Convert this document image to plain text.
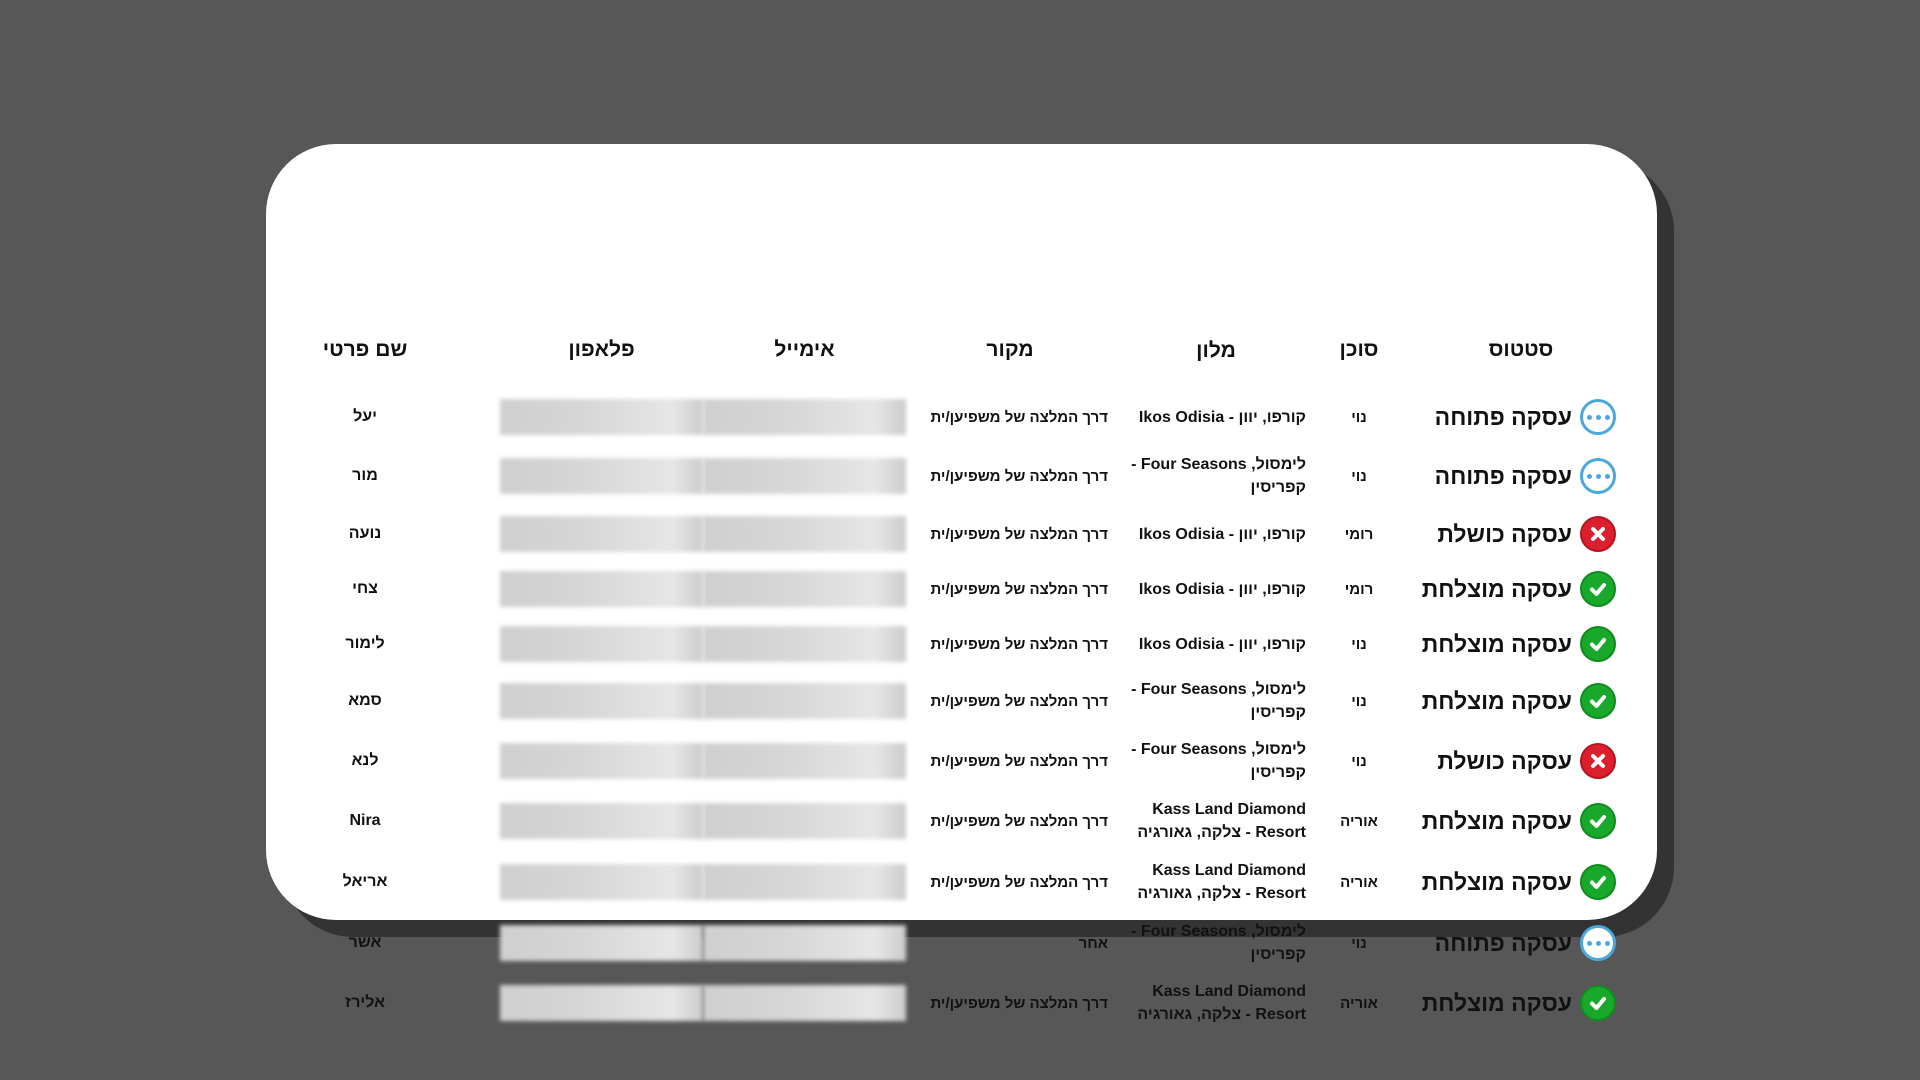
סטטוס
סוכן
מלון
מקור
אימייל
פלאפון
שם פרטי
עסקה פתוחה
נוי
קורפו, יוון - Ikos Odisia
דרך המלצה של משפיען/ית
יעל
עסקה פתוחה
נוי
לימסול, Four Seasons - קפריסין
דרך המלצה של משפיען/ית
מור
עסקה כושלת
רומי
קורפו, יוון - Ikos Odisia
דרך המלצה של משפיען/ית
נועה
עסקה מוצלחת
רומי
קורפו, יוון - Ikos Odisia
דרך המלצה של משפיען/ית
צחי
עסקה מוצלחת
נוי
קורפו, יוון - Ikos Odisia
דרך המלצה של משפיען/ית
לימור
עסקה מוצלחת
נוי
לימסול, Four Seasons - קפריסין
דרך המלצה של משפיען/ית
סמא
עסקה כושלת
נוי
לימסול, Four Seasons - קפריסין
דרך המלצה של משפיען/ית
לנא
עסקה מוצלחת
אוריה
Kass Land Diamond Resort - צלקה, גאורגיה
דרך המלצה של משפיען/ית
Nira
עסקה מוצלחת
אוריה
Kass Land Diamond Resort - צלקה, גאורגיה
דרך המלצה של משפיען/ית
אריאל
עסקה פתוחה
נוי
לימסול, Four Seasons - קפריסין
אחר
אשר
עסקה מוצלחת
אוריה
Kass Land Diamond Resort - צלקה, גאורגיה
דרך המלצה של משפיען/ית
אלירז
